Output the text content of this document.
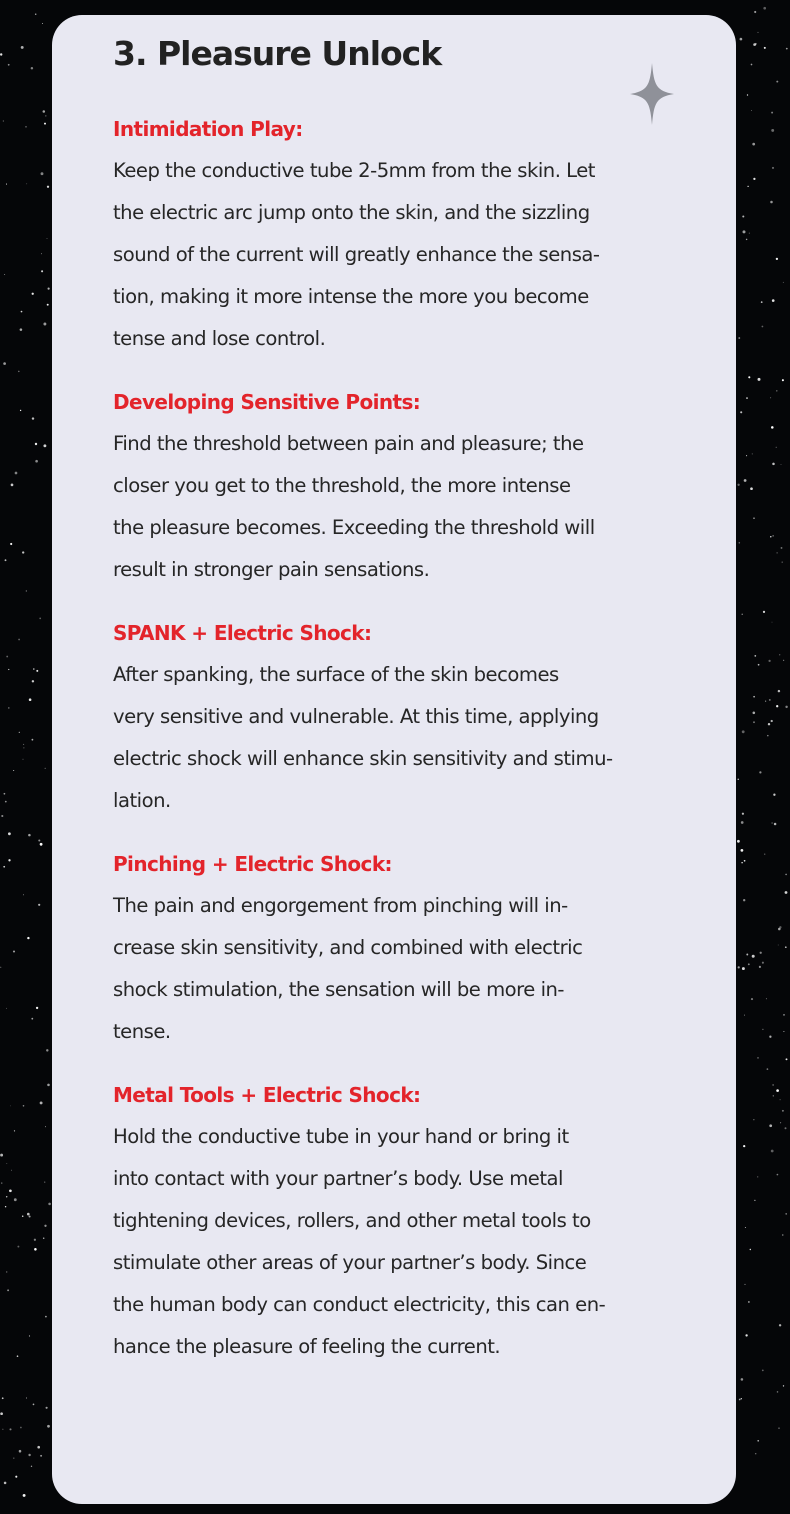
3. Pleasure Unlock
Intimidation Play:
Keep the conductive tube 2-5mm from the skin. Let
the electric arc jump onto the skin, and the sizzling
sound of the current will greatly enhance the sensa-
tion, making it more intense the more you become
tense and lose control.
Developing Sensitive Points:
Find the threshold between pain and pleasure; the
closer you get to the threshold, the more intense
the pleasure becomes. Exceeding the threshold will
result in stronger pain sensations.
SPANK + Electric Shock:
After spanking, the surface of the skin becomes
very sensitive and vulnerable. At this time, applying
electric shock will enhance skin sensitivity and stimu-
lation.
Pinching + Electric Shock:
The pain and engorgement from pinching will in-
crease skin sensitivity, and combined with electric
shock stimulation, the sensation will be more in-
tense.
Metal Tools + Electric Shock:
Hold the conductive tube in your hand or bring it
into contact with your partner’s body. Use metal
tightening devices, rollers, and other metal tools to
stimulate other areas of your partner’s body. Since
the human body can conduct electricity, this can en-
hance the pleasure of feeling the current.
